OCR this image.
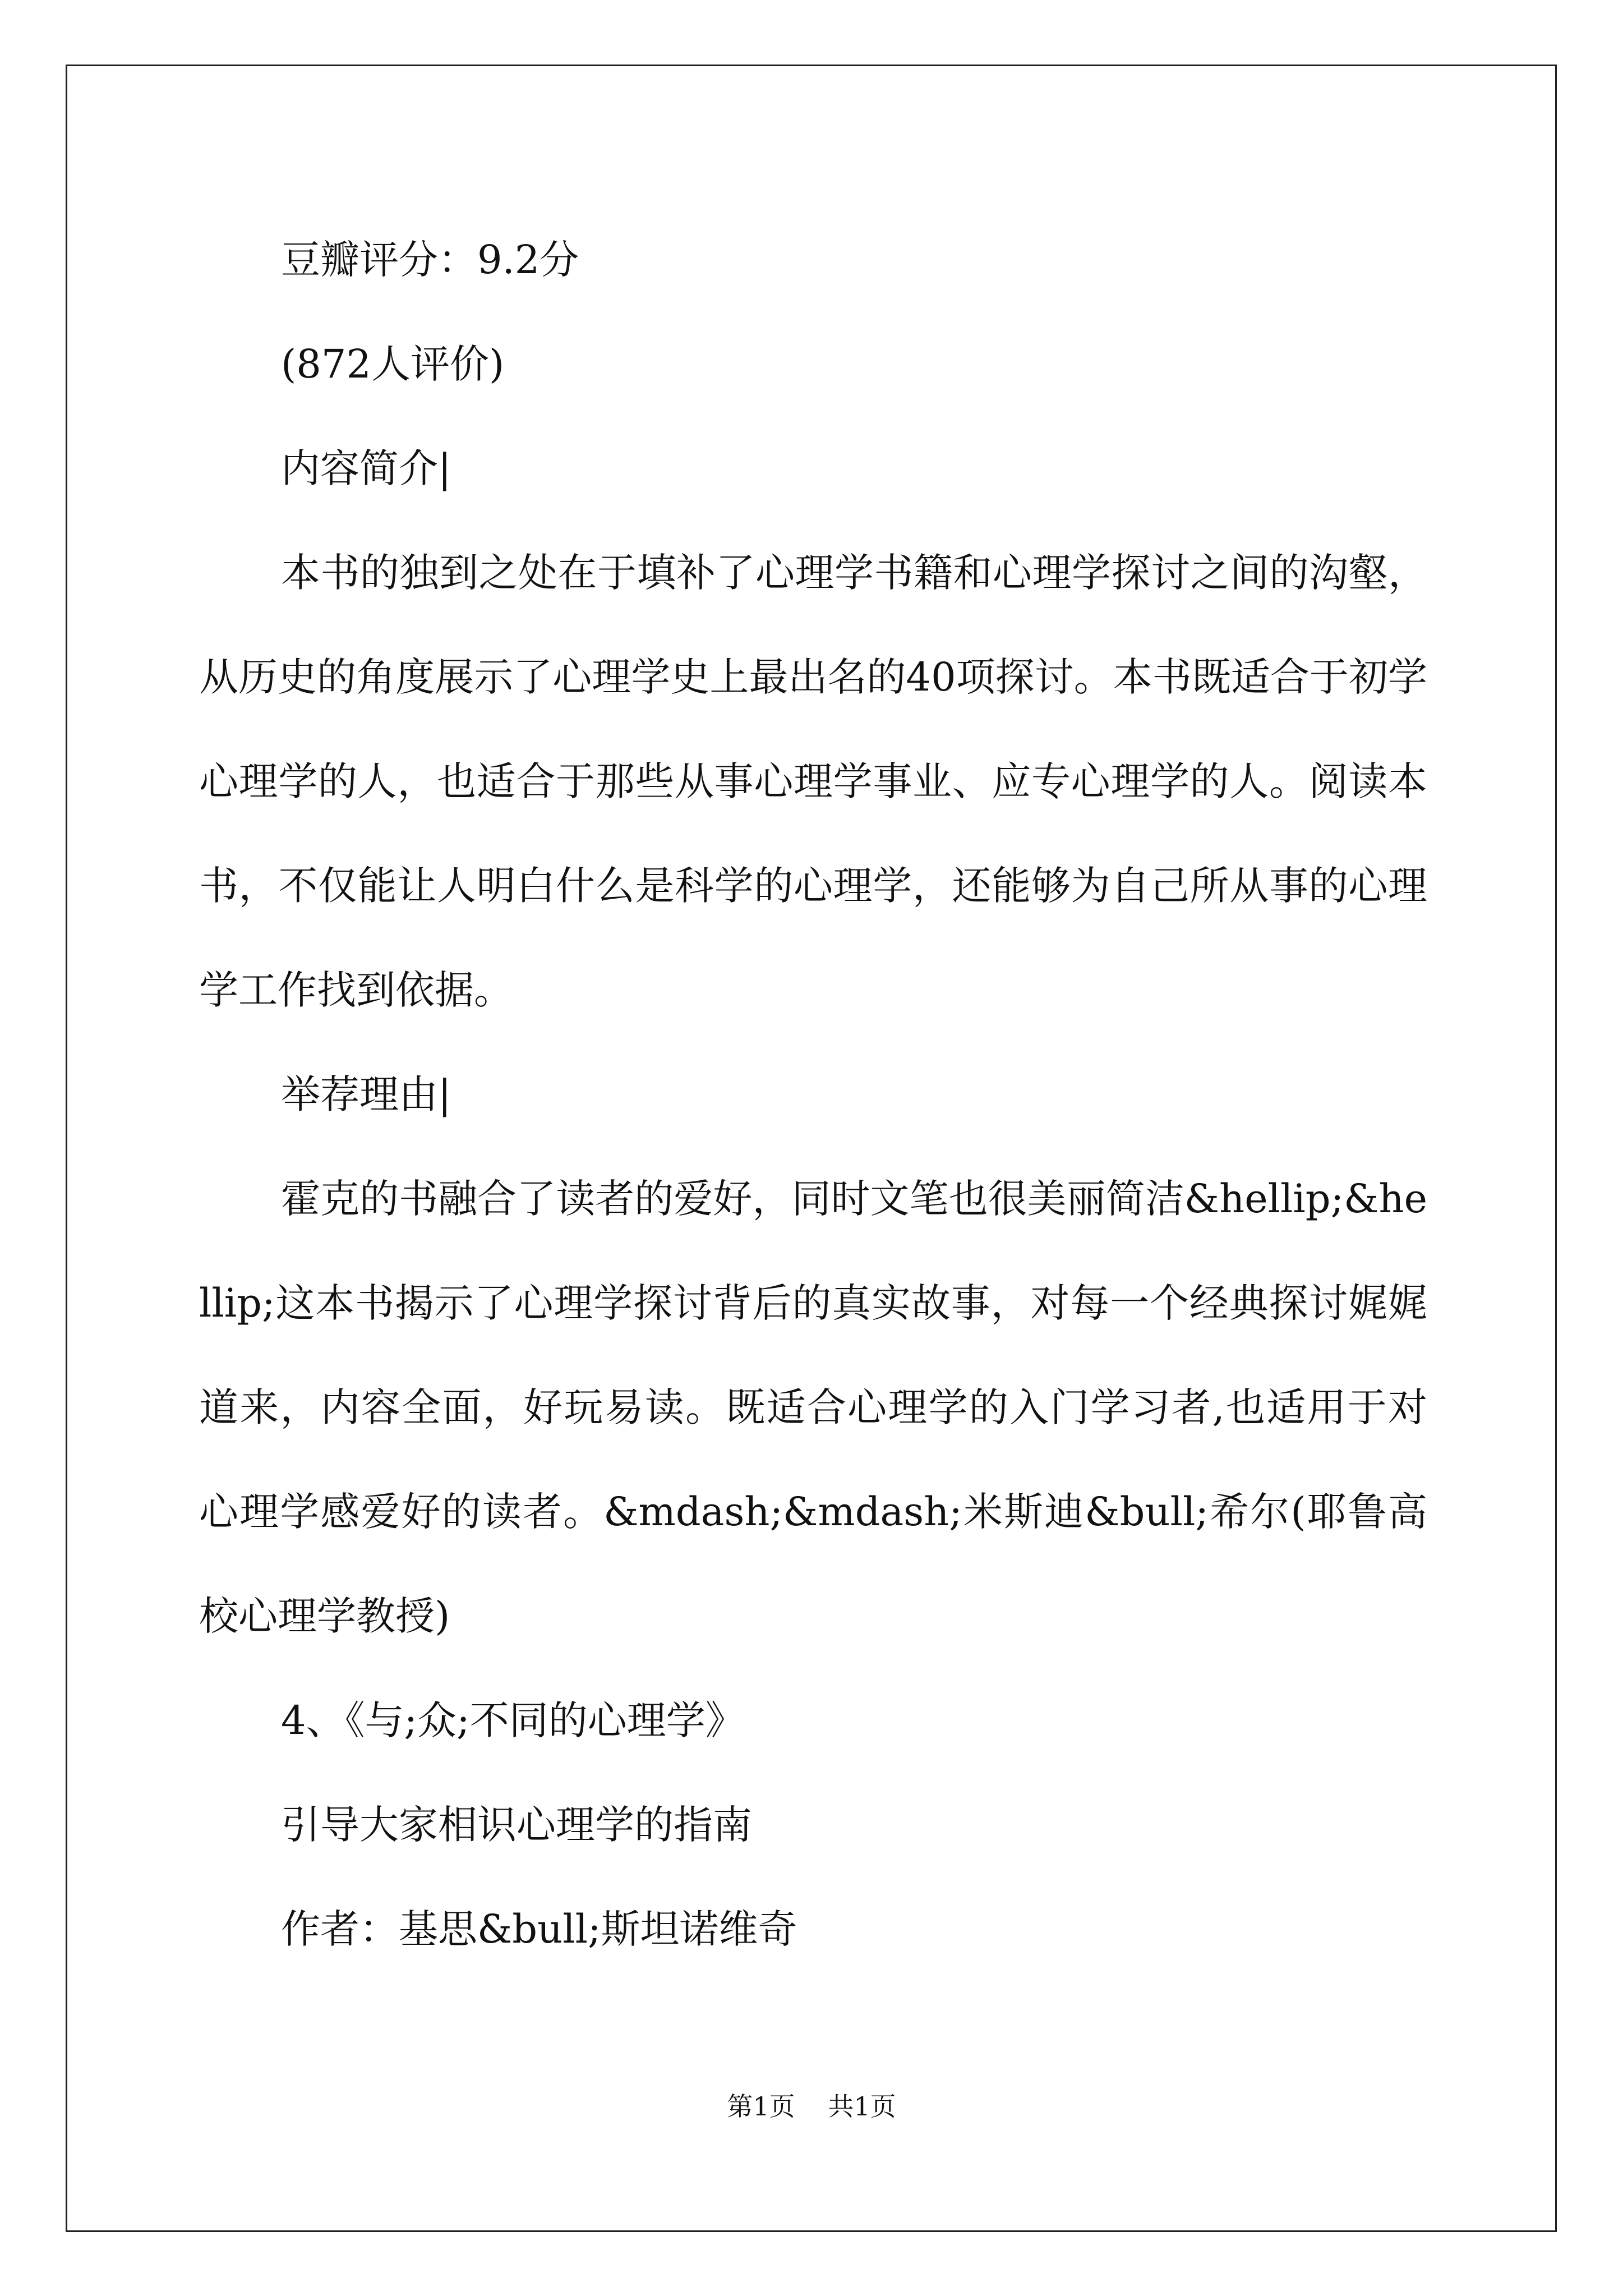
豆瓣评分：9.2分

(872人评价)

内容简介|

本书的独到之处在于填补了心理学书籍和心理学探讨之间的沟壑，从历史的角度展示了心理学史上最出名的40项探讨。本书既适合于初学心理学的人，也适合于那些从事心理学事业、应专心理学的人。阅读本书，不仅能让人明白什么是科学的心理学，还能够为自己所从事的心理学工作找到依据。

举荐理由|

霍克的书融合了读者的爱好，同时文笔也很美丽简洁&hellip;&hellip;这本书揭示了心理学探讨背后的真实故事，对每一个经典探讨娓娓道来，内容全面，好玩易读。既适合心理学的入门学习者,也适用于对心理学感爱好的读者。&mdash;&mdash;米斯迪&bull;希尔(耶鲁高校心理学教授)

4、《与;众;不同的心理学》

引导大家相识心理学的指南

作者：基思&bull;斯坦诺维奇

第1页 共1页
